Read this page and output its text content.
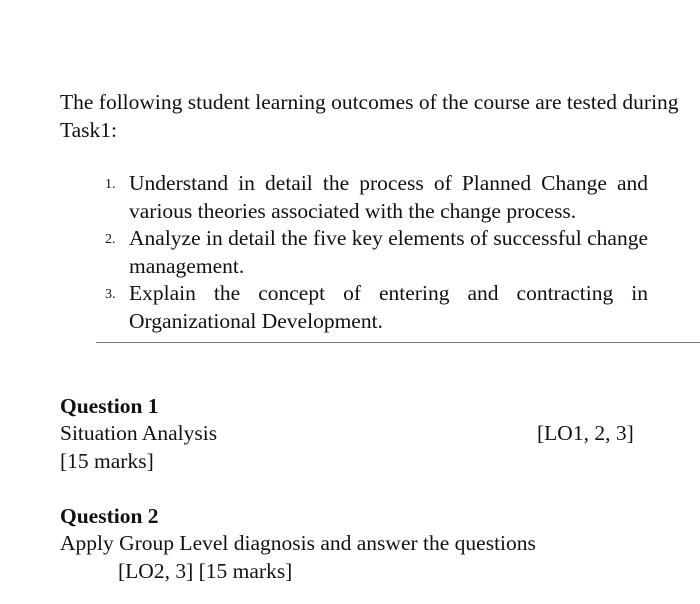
The following student learning outcomes of the course are tested during Task1:
1. Understand in detail the process of Planned Change and various theories associated with the change process.
2. Analyze in detail the five key elements of successful change management.
3. Explain the concept of entering and contracting in Organizational Development.
Question 1
Situation Analysis	[LO1, 2, 3]
[15 marks]
Question 2
Apply Group Level diagnosis and answer the questions
[LO2, 3] [15 marks]
